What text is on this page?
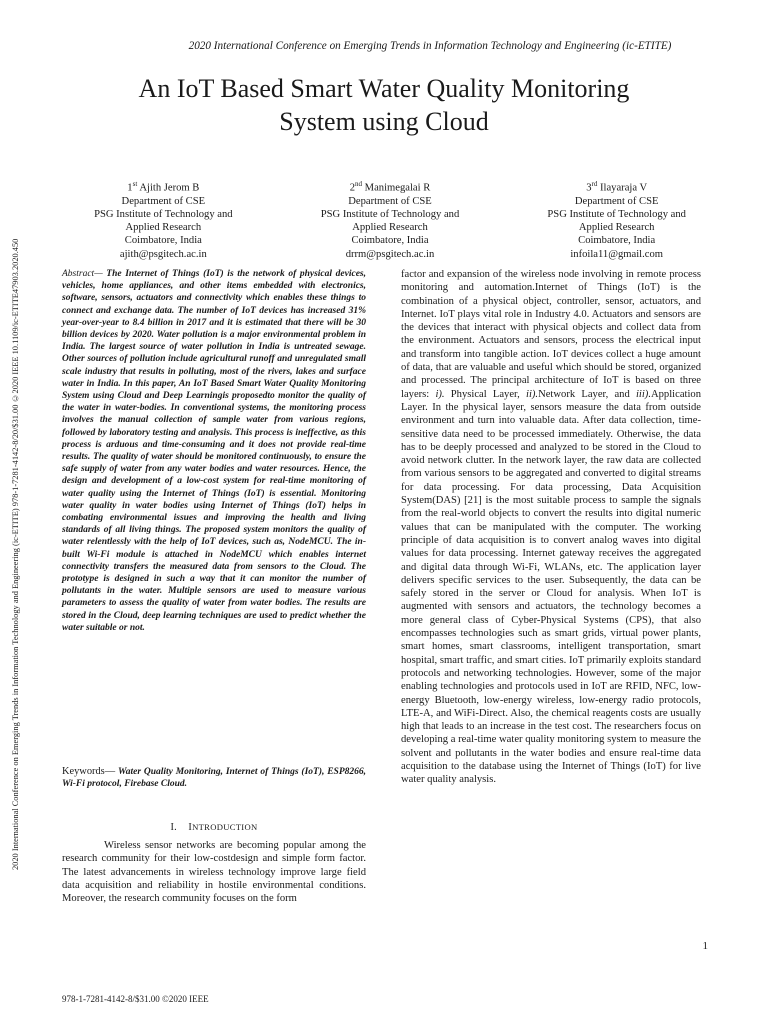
2020 International Conference on Emerging Trends in Information Technology and Engineering (ic-ETITE)
2020 International Conference on Emerging Trends in Information Technology and Engineering (ic-ETITE) 978-1-7281-4142-8/20/$31.00 ©2020 IEEE 10.1109/ic-ETITE47903.2020.450
An IoT Based Smart Water Quality Monitoring
System using Cloud
1st Ajith Jerom B
Department of CSE
PSG Institute of Technology and
Applied Research
Coimbatore, India
ajith@psgitech.ac.in
2nd Manimegalai R
Department of CSE
PSG Institute of Technology and
Applied Research
Coimbatore, India
drrm@psgitech.ac.in
3rd Ilayaraja V
Department of CSE
PSG Institute of Technology and
Applied Research
Coimbatore, India
infoila11@gmail.com
Abstract— The Internet of Things (IoT) is the network of physical devices, vehicles, home appliances, and other items embedded with electronics, software, sensors, actuators and connectivity which enables these things to connect and exchange data. The number of IoT devices has increased 31% year-over-year to 8.4 billion in 2017 and it is estimated that there will be 30 billion devices by 2020. Water pollution is a major environmental problem in India. The largest source of water pollution in India is untreated sewage. Other sources of pollution include agricultural runoff and unregulated small scale industry that results in polluting, most of the rivers, lakes and surface water in India. In this paper, An IoT Based Smart Water Quality Monitoring System using Cloud and Deep Learningis proposedto monitor the quality of the water in water-bodies. In conventional systems, the monitoring process involves the manual collection of sample water from various regions, followed by laboratory testing and analysis. This process is ineffective, as this process is arduous and time-consuming and it does not provide real-time results. The quality of water should be monitored continuously, to ensure the safe supply of water from any water bodies and water resources. Hence, the design and development of a low-cost system for real-time monitoring of water quality using the Internet of Things (IoT) is essential. Monitoring water quality in water bodies using Internet of Things (IoT) helps in combating environmental issues and improving the health and living standards of all living things. The proposed system monitors the quality of water relentlessly with the help of IoT devices, such as, NodeMCU. The in-built Wi-Fi module is attached in NodeMCU which enables internet connectivity transfers the measured data from sensors to the Cloud. The prototype is designed in such a way that it can monitor the number of pollutants in the water. Multiple sensors are used to measure various parameters to assess the quality of water from water bodies. The results are stored in the Cloud, deep learning techniques are used to predict whether the water suitable or not.
Keywords— Water Quality Monitoring, Internet of Things (IoT), ESP8266, Wi-Fi protocol, Firebase Cloud.
I. INTRODUCTION
Wireless sensor networks are becoming popular among the research community for their low-costdesign and simple form factor. The latest advancements in wireless technology improve large field data acquisition and reliability in hostile environmental conditions. Moreover, the research community focuses on the form
factor and expansion of the wireless node involving in remote process monitoring and automation.Internet of Things (IoT) is the combination of a physical object, controller, sensor, actuators, and Internet. IoT plays vital role in Industry 4.0. Actuators and sensors are the devices that interact with physical objects and collect data from the environment. Actuators and sensors, process the electrical input and transform into tangible action. IoT devices collect a huge amount of data, that are valuable and useful which should be stored, organized and processed. The principal architecture of IoT is based on three layers: i). Physical Layer, ii).Network Layer, and iii).Application Layer. In the physical layer, sensors measure the data from outside environment and turn into valuable data. After data collection, time-sensitive data need to be processed immediately. Otherwise, the data has to be deeply processed and analyzed to be stored in the Cloud to avoid network clutter. In the network layer, the raw data are collected from various sensors to be aggregated and converted to digital streams for data processing. For data processing, Data Acquisition System(DAS) [21] is the most suitable process to sample the signals from the real-world objects to convert the results into digital numeric values that can be manipulated with the computer. The working principle of data acquisition is to convert analog waves into digital values for data processing. Internet gateway receives the aggregated and digital data through Wi-Fi, WLANs, etc. The application layer delivers specific services to the user. Subsequently, the data can be safely stored in the server or Cloud for analysis. When IoT is augmented with sensors and actuators, the technology becomes a more general class of Cyber-Physical Systems (CPS), that also encompasses technologies such as smart grids, virtual power plants, smart homes, smart classrooms, intelligent transportation, smart hospital, smart traffic, and smart cities. IoT primarily exploits standard protocols and networking technologies. However, some of the major enabling technologies and protocols used in IoT are RFID, NFC, low-energy Bluetooth, low-energy wireless, low-energy radio protocols, LTE-A, and WiFi-Direct. Also, the chemical reagents costs are usually high that leads to an increase in the test cost. The researchers focus on developing a real-time water quality monitoring system to measure the solvent and pollutants in the water bodies and ensure real-time data acquisition to the database using the Internet of Things (IoT) for live water quality analysis.
1
978-1-7281-4142-8/$31.00 ©2020 IEEE
